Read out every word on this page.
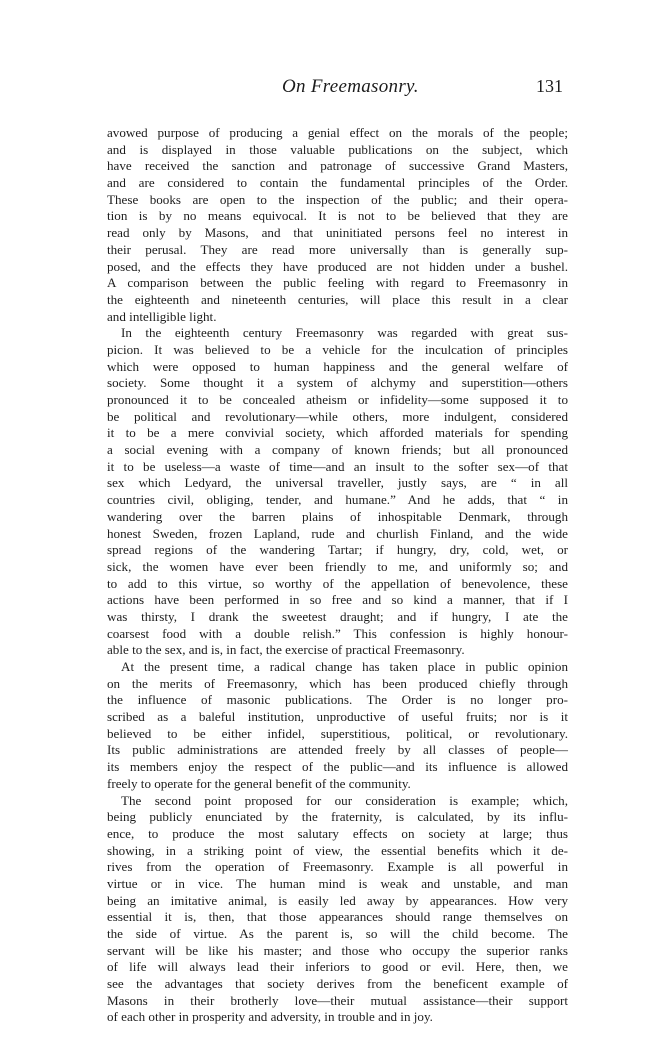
On Freemasonry.	131
avowed purpose of producing a genial effect on the morals of the people;
and is displayed in those valuable publications on the subject, which
have received the sanction and patronage of successive Grand Masters,
and are considered to contain the fundamental principles of the Order.
These books are open to the inspection of the public; and their opera-
tion is by no means equivocal. It is not to be believed that they are
read only by Masons, and that uninitiated persons feel no interest in
their perusal. They are read more universally than is generally sup-
posed, and the effects they have produced are not hidden under a bushel.
A comparison between the public feeling with regard to Freemasonry in
the eighteenth and nineteenth centuries, will place this result in a clear
and intelligible light.
In the eighteenth century Freemasonry was regarded with great sus-
picion. It was believed to be a vehicle for the inculcation of principles
which were opposed to human happiness and the general welfare of
society. Some thought it a system of alchymy and superstition—others
pronounced it to be concealed atheism or infidelity—some supposed it to
be political and revolutionary—while others, more indulgent, considered
it to be a mere convivial society, which afforded materials for spending
a social evening with a company of known friends; but all pronounced
it to be useless—a waste of time—and an insult to the softer sex—of that
sex which Ledyard, the universal traveller, justly says, are “ in all
countries civil, obliging, tender, and humane.” And he adds, that “ in
wandering over the barren plains of inhospitable Denmark, through
honest Sweden, frozen Lapland, rude and churlish Finland, and the wide
spread regions of the wandering Tartar; if hungry, dry, cold, wet, or
sick, the women have ever been friendly to me, and uniformly so; and
to add to this virtue, so worthy of the appellation of benevolence, these
actions have been performed in so free and so kind a manner, that if I
was thirsty, I drank the sweetest draught; and if hungry, I ate the
coarsest food with a double relish.” This confession is highly honour-
able to the sex, and is, in fact, the exercise of practical Freemasonry.
At the present time, a radical change has taken place in public opinion
on the merits of Freemasonry, which has been produced chiefly through
the influence of masonic publications. The Order is no longer pro-
scribed as a baleful institution, unproductive of useful fruits; nor is it
believed to be either infidel, superstitious, political, or revolutionary.
Its public administrations are attended freely by all classes of people—
its members enjoy the respect of the public—and its influence is allowed
freely to operate for the general benefit of the community.
The second point proposed for our consideration is example; which,
being publicly enunciated by the fraternity, is calculated, by its influ-
ence, to produce the most salutary effects on society at large; thus
showing, in a striking point of view, the essential benefits which it de-
rives from the operation of Freemasonry. Example is all powerful in
virtue or in vice. The human mind is weak and unstable, and man
being an imitative animal, is easily led away by appearances. How very
essential it is, then, that those appearances should range themselves on
the side of virtue. As the parent is, so will the child become. The
servant will be like his master; and those who occupy the superior ranks
of life will always lead their inferiors to good or evil. Here, then, we
see the advantages that society derives from the beneficent example of
Masons in their brotherly love—their mutual assistance—their support
of each other in prosperity and adversity, in trouble and in joy.
